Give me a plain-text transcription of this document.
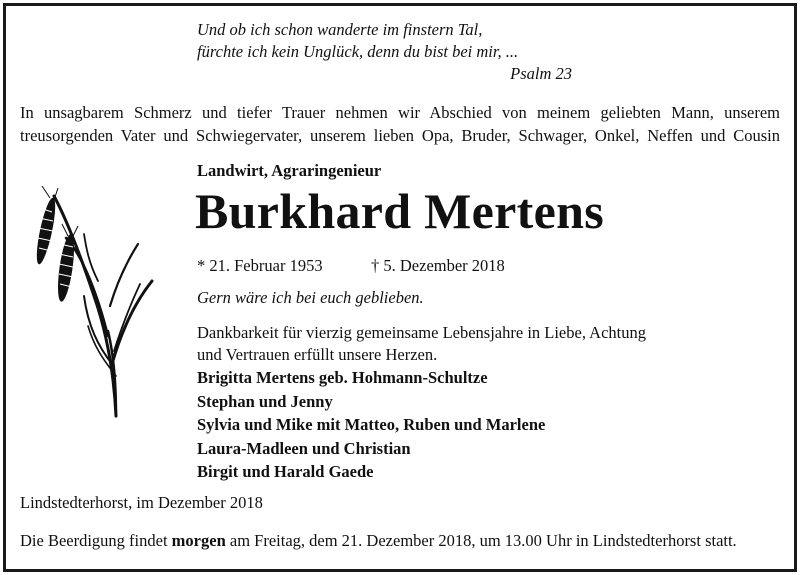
Und ob ich schon wanderte im finstern Tal,
fürchte ich kein Unglück, denn du bist bei mir, ...
Psalm 23
In unsagbarem Schmerz und tiefer Trauer nehmen wir Abschied von meinem geliebten Mann, unserem
treusorgenden Vater und Schwiegervater, unserem lieben Opa, Bruder, Schwager, Onkel, Neffen und Cousin
Landwirt, Agraringenieur
Burkhard Mertens
* 21. Februar 1953	† 5. Dezember 2018
Gern wäre ich bei euch geblieben.
Dankbarkeit für vierzig gemeinsame Lebensjahre in Liebe, Achtung
und Vertrauen erfüllt unsere Herzen.
Brigitta Mertens geb. Hohmann-Schultze
Stephan und Jenny
Sylvia und Mike mit Matteo, Ruben und Marlene
Laura-Madleen und Christian
Birgit und Harald Gaede
Lindstedterhorst, im Dezember 2018
Die Beerdigung findet morgen am Freitag, dem 21. Dezember 2018, um 13.00 Uhr in Lindstedterhorst statt.
